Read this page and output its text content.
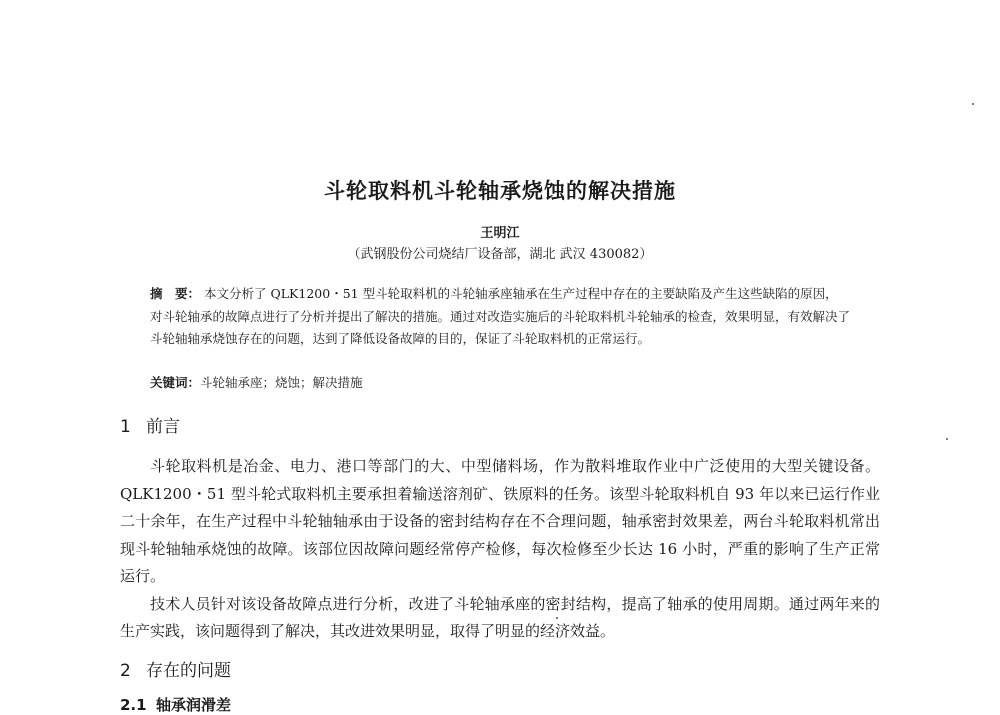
斗轮取料机斗轮轴承烧蚀的解决措施
王明江
（武钢股份公司烧结厂设备部，湖北 武汉 430082）
摘　要： 本文分析了 QLK1200・51 型斗轮取料机的斗轮轴承座轴承在生产过程中存在的主要缺陷及产生这些缺陷的原因，对斗轮轴承的故障点进行了分析并提出了解决的措施。通过对改造实施后的斗轮取料机斗轮轴承的检查，效果明显，有效解决了斗轮轴轴承烧蚀存在的问题，达到了降低设备故障的目的，保证了斗轮取料机的正常运行。
关键词：斗轮轴承座；烧蚀；解决措施
1 前言

斗轮取料机是冶金、电力、港口等部门的大、中型储料场，作为散料堆取作业中广泛使用的大型关键设备。QLK1200・51 型斗轮式取料机主要承担着输送溶剂矿、铁原料的任务。该型斗轮取料机自 93 年以来已运行作业二十余年，在生产过程中斗轮轴轴承由于设备的密封结构存在不合理问题，轴承密封效果差，两台斗轮取料机常出现斗轮轴轴承烧蚀的故障。该部位因故障问题经常停产检修，每次检修至少长达 16 小时，严重的影响了生产正常运行。

技术人员针对该设备故障点进行分析，改进了斗轮轴承座的密封结构，提高了轴承的使用周期。通过两年来的生产实践，该问题得到了解决，其改进效果明显，取得了明显的经济效益。

2 存在的问题
2.1 轴承润滑差
